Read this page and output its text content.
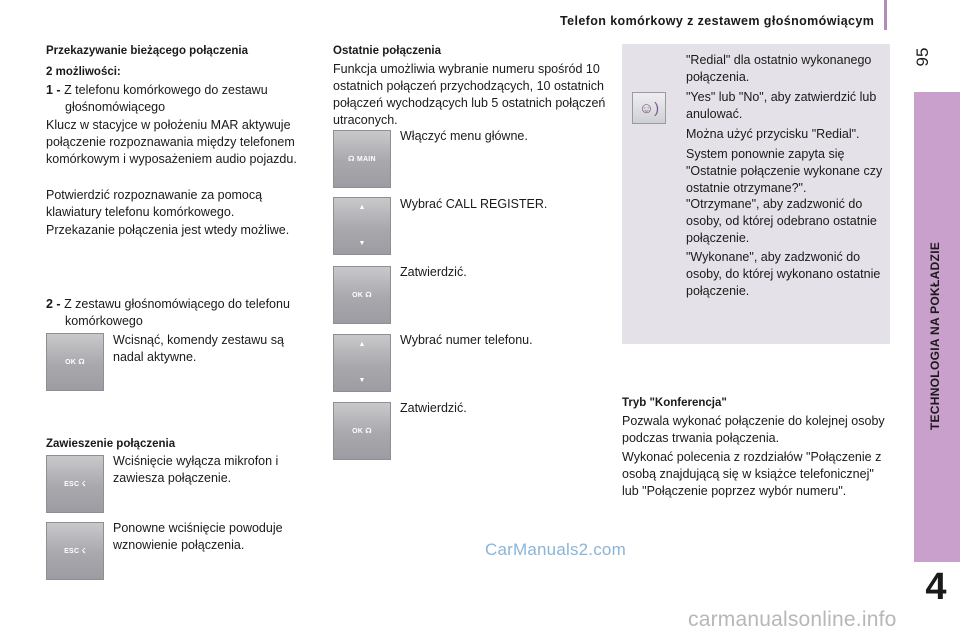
Telefon komórkowy z zestawem głośnomówiącym
95
TECHNOLOGIA NA POKŁADZIE
4
Przekazywanie bieżącego połączenia
2 możliwości:
1 - Z telefonu komórkowego do zestawu głośnomówiącego
Klucz w stacyjce w położeniu MAR aktywuje połączenie rozpoznawania między telefonem komórkowym i wyposażeniem audio pojazdu.
Potwierdzić rozpoznawanie za pomocą klawiatury telefonu komórkowego.
Przekazanie połączenia jest wtedy możliwe.
2 - Z zestawu głośnomówiącego do telefonu komórkowego
OK ☊
Wcisnąć, komendy zestawu są nadal aktywne.
Zawieszenie połączenia
ESC ☇
Wciśnięcie wyłącza mikrofon i zawiesza połączenie.
ESC ☇
Ponowne wciśnięcie powoduje wznowienie połączenia.
Ostatnie połączenia
Funkcja umożliwia wybranie numeru spośród 10 ostatnich połączeń przychodzących, 10 ostatnich połączeń wychodzących lub 5 ostatnich połączeń utraconych.
☊ MAIN
Włączyć menu główne.
▲
▼
Wybrać CALL REGISTER.
OK ☊
Zatwierdzić.
▲
▼
Wybrać numer telefonu.
OK ☊
Zatwierdzić.
☺)
"Redial" dla ostatnio wykonanego połączenia.
"Yes" lub "No", aby zatwierdzić lub anulować.
Można użyć przycisku "Redial".
System ponownie zapyta się "Ostatnie połączenie wykonane czy ostatnie otrzymane?".
"Otrzymane", aby zadzwonić do osoby, od której odebrano ostatnie połączenie.
"Wykonane", aby zadzwonić do osoby, do której wykonano ostatnie połączenie.
Tryb "Konferencja"
Pozwala wykonać połączenie do kolejnej osoby podczas trwania połączenia.
Wykonać polecenia z rozdziałów "Połączenie z osobą znajdującą się w książce telefonicznej" lub "Połączenie poprzez wybór numeru".
CarManuals2.com
carmanualsonline.info
